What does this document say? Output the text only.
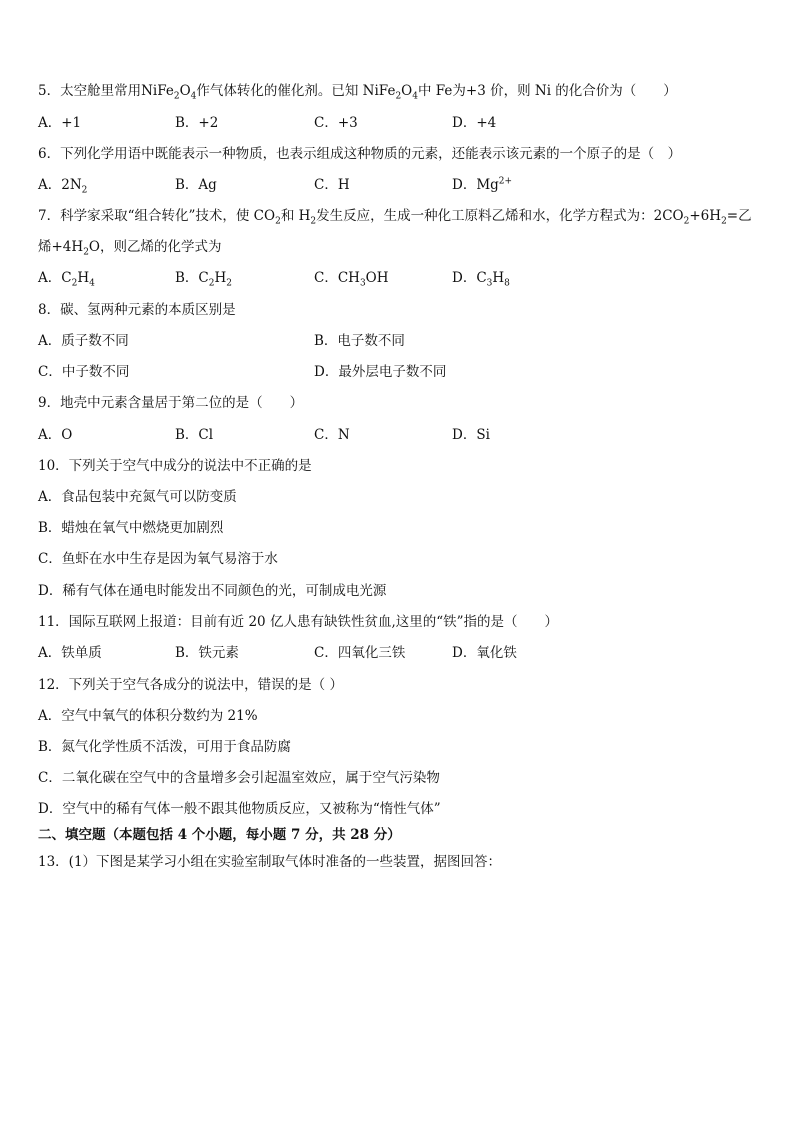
5．太空舱里常用$NiFe_2O_4$作气体转化的催化剂。已知 $NiFe_2O_4$中 Fe为+3 价，则 Ni 的化合价为（　　）
A．+1	B．+2	C．+3	D．+4
6．下列化学用语中既能表示一种物质，也表示组成这种物质的元素，还能表示该元素的一个原子的是（　）
A．$2N_2$	B．Ag	C．H	D．$Mg^{2+}$
7．科学家采取“组合转化”技术，使 $CO_2$和 $H_2$发生反应，生成一种化工原料乙烯和水，化学方程式为：$2CO_2+6H_2=$乙
烯$+4H_2O$，则乙烯的化学式为
A．$C_2H_4$	B．$C_2H_2$	C．$CH_3OH$	D．$C_3H_8$
8．碳、氢两种元素的本质区别是
A．质子数不同	B．电子数不同
C．中子数不同	D．最外层电子数不同
9．地壳中元素含量居于第二位的是（　　）
A．O	B．Cl	C．N	D．Si
10．下列关于空气中成分的说法中不正确的是
A．食品包装中充氮气可以防变质
B．蜡烛在氧气中燃烧更加剧烈
C．鱼虾在水中生存是因为氧气易溶于水
D．稀有气体在通电时能发出不同颜色的光，可制成电光源
11．国际互联网上报道：目前有近 20 亿人患有缺铁性贫血,这里的“铁”指的是（　　）
A．铁单质	B．铁元素	C．四氧化三铁	D．氧化铁
12．下列关于空气各成分的说法中，错误的是（ ）
A．空气中氧气的体积分数约为 21%
B．氮气化学性质不活泼，可用于食品防腐
C．二氧化碳在空气中的含量增多会引起温室效应，属于空气污染物
D．空气中的稀有气体一般不跟其他物质反应，又被称为“惰性气体”
二、填空题（本题包括 4 个小题，每小题 7 分，共 28 分）
13．(1）下图是某学习小组在实验室制取气体时准备的一些装置，据图回答：
